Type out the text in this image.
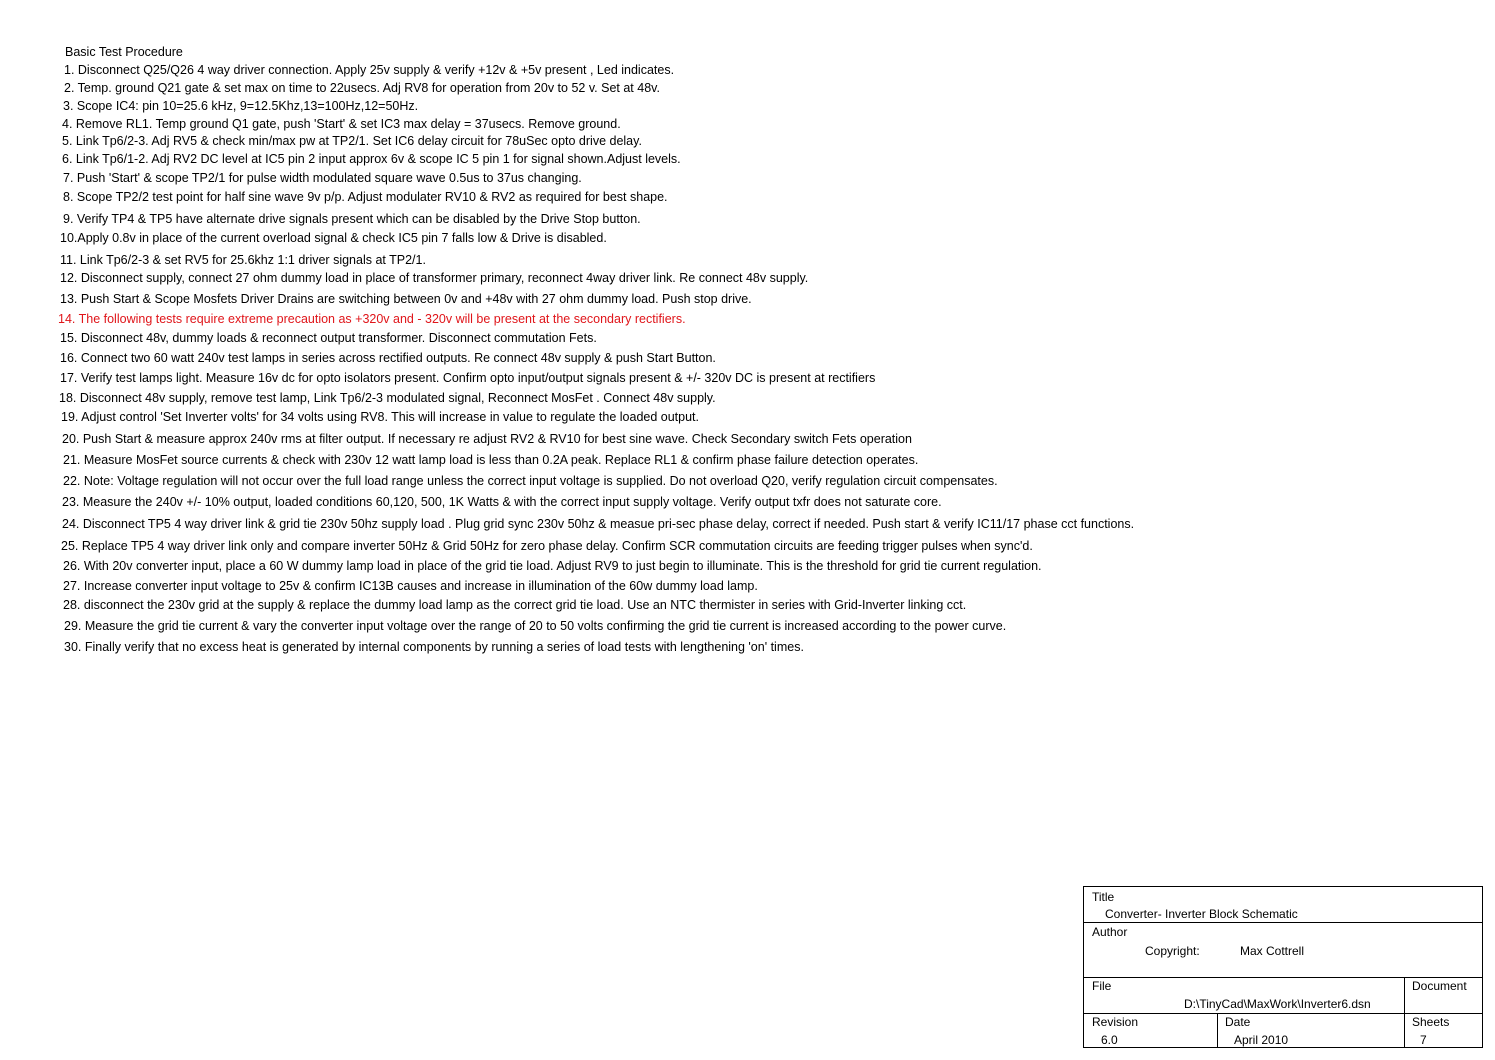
Basic Test Procedure
1. Disconnect Q25/Q26 4 way driver connection. Apply 25v supply & verify +12v & +5v present , Led indicates.
2. Temp. ground Q21 gate & set max on time to 22usecs. Adj RV8 for operation from 20v to 52 v. Set at 48v.
3. Scope IC4: pin 10=25.6 kHz, 9=12.5Khz,13=100Hz,12=50Hz.
4. Remove RL1. Temp ground Q1 gate, push 'Start' & set IC3 max delay = 37usecs. Remove ground.
5. Link Tp6/2-3. Adj RV5 & check min/max pw at TP2/1. Set IC6 delay circuit for 78uSec opto drive delay.
6. Link Tp6/1-2. Adj RV2 DC level at IC5 pin 2 input approx 6v & scope IC 5 pin 1 for signal shown.Adjust levels.
7. Push 'Start' & scope TP2/1 for pulse width modulated square wave 0.5us to 37us changing.
8. Scope TP2/2 test point for half sine wave 9v p/p. Adjust modulater RV10 & RV2 as required for best shape.
9. Verify TP4 & TP5 have alternate drive signals present which can be disabled by the Drive Stop button.
10.Apply 0.8v in place of the current overload signal & check IC5 pin 7 falls low & Drive is disabled.
11. Link Tp6/2-3 & set RV5 for 25.6khz 1:1 driver signals at TP2/1.
12. Disconnect supply, connect 27 ohm dummy load in place of transformer primary, reconnect 4way driver link. Re connect 48v supply.
13. Push Start & Scope Mosfets Driver Drains are switching between 0v and +48v with 27 ohm dummy load. Push stop drive.
14. The following tests require extreme precaution as +320v and - 320v will be present at the secondary rectifiers.
15. Disconnect 48v, dummy loads & reconnect output transformer. Disconnect commutation Fets.
16. Connect two 60 watt 240v test lamps in series across rectified outputs. Re connect 48v supply & push Start Button.
17. Verify test lamps light. Measure 16v dc for opto isolators present. Confirm opto input/output signals present & +/- 320v DC is present at rectifiers
18. Disconnect 48v supply, remove test lamp, Link Tp6/2-3 modulated signal, Reconnect MosFet . Connect 48v supply.
19. Adjust control 'Set Inverter volts' for 34 volts using RV8. This will increase in value to regulate the loaded output.
20. Push Start & measure approx 240v rms at filter output. If necessary re adjust RV2 & RV10 for best sine wave. Check Secondary switch Fets operation
21. Measure MosFet source currents & check with 230v 12 watt lamp load is less than 0.2A peak. Replace RL1 & confirm phase failure detection operates.
22. Note: Voltage regulation will not occur over the full load range unless the correct input voltage is supplied. Do not overload Q20, verify regulation circuit compensates.
23. Measure the 240v +/- 10% output, loaded conditions 60,120, 500, 1K Watts & with the correct input supply voltage. Verify output txfr does not saturate core.
24. Disconnect TP5 4 way driver link & grid tie 230v 50hz supply load . Plug grid sync 230v 50hz & measue pri-sec phase delay, correct if needed. Push start & verify IC11/17 phase cct functions.
25. Replace TP5 4 way driver link only and compare inverter 50Hz & Grid 50Hz for zero phase delay. Confirm SCR commutation circuits are feeding trigger pulses when sync'd.
26. With 20v converter input, place a 60 W dummy lamp load in place of the grid tie load. Adjust RV9 to just begin to illuminate. This is the threshold for grid tie current regulation.
27. Increase converter input voltage to 25v & confirm IC13B causes and increase in illumination of the 60w dummy load lamp.
28. disconnect the 230v grid at the supply & replace the dummy load lamp as the correct grid tie load. Use an NTC thermister in series with Grid-Inverter linking cct.
29. Measure the grid tie current & vary the converter input voltage over the range of 20 to 50 volts confirming the grid tie current is increased according to the power curve.
30. Finally verify that no excess heat is generated by internal components by running a series of load tests with lengthening 'on' times.
Title
Converter- Inverter Block Schematic
Author
Copyright:	Max Cottrell
File
D:\TinyCad\MaxWork\Inverter6.dsn
Document
Revision
6.0
Date
April 2010
Sheets
7
